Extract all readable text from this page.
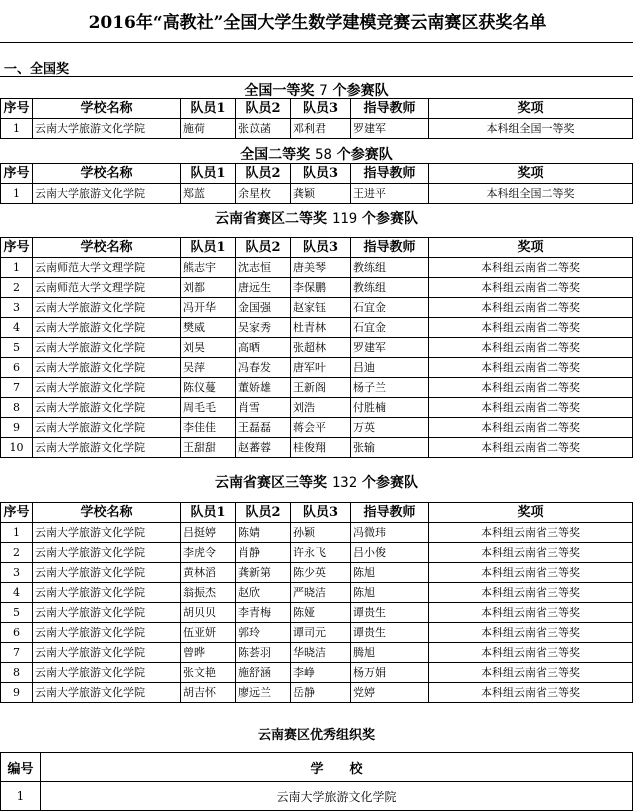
2016年“高教社”全国大学生数学建模竞赛云南赛区获奖名单
一、全国奖
全国一等奖 7 个参赛队
序号	学校名称	队员1	队员2	队员3	指导教师	奖项
1	云南大学旅游文化学院	施荷	张苡菡	邓利君	罗建军	本科组全国一等奖
全国二等奖 58 个参赛队
序号	学校名称	队员1	队员2	队员3	指导教师	奖项
1	云南大学旅游文化学院	郑蓝	余星枚	龚颖	王进平	本科组全国二等奖
云南省赛区二等奖 119 个参赛队
序号	学校名称	队员1	队员2	队员3	指导教师	奖项
1	云南师范大学文理学院	熊志宇	沈志恒	唐美琴	教练组	本科组云南省二等奖
2	云南师范大学文理学院	刘都	唐远生	李保鹏	教练组	本科组云南省二等奖
3	云南大学旅游文化学院	冯开华	金国强	赵家钰	石宜金	本科组云南省二等奖
4	云南大学旅游文化学院	樊威	吴家秀	杜青林	石宜金	本科组云南省二等奖
5	云南大学旅游文化学院	刘昊	高晒	张超林	罗建军	本科组云南省二等奖
6	云南大学旅游文化学院	吴萍	冯春发	唐军叶	吕迪	本科组云南省二等奖
7	云南大学旅游文化学院	陈仪蔓	董娇雄	王新阁	杨子兰	本科组云南省二等奖
8	云南大学旅游文化学院	周毛毛	肖雪	刘浩	付胜楠	本科组云南省二等奖
9	云南大学旅游文化学院	李佳佳	王磊磊	蒋会平	万英	本科组云南省二等奖
10	云南大学旅游文化学院	王甜甜	赵蕃蓉	桂俊翔	张输	本科组云南省二等奖
云南省赛区三等奖 132 个参赛队
序号	学校名称	队员1	队员2	队员3	指导教师	奖项
1	云南大学旅游文化学院	吕挺婷	陈婧	孙颖	冯微玮	本科组云南省三等奖
2	云南大学旅游文化学院	李虎令	肖静	许永飞	吕小俊	本科组云南省三等奖
3	云南大学旅游文化学院	黄林滔	龚新第	陈少英	陈旭	本科组云南省三等奖
4	云南大学旅游文化学院	翁振杰	赵欣	严晓洁	陈旭	本科组云南省三等奖
5	云南大学旅游文化学院	胡贝贝	李青梅	陈娅	谭贵生	本科组云南省三等奖
6	云南大学旅游文化学院	伍亚妍	郭玲	谭司元	谭贵生	本科组云南省三等奖
7	云南大学旅游文化学院	曾晔	陈荟羽	华晓洁	腾旭	本科组云南省三等奖
8	云南大学旅游文化学院	张文艳	施舒涵	李峥	杨万娟	本科组云南省三等奖
9	云南大学旅游文化学院	胡吉怀	廖远兰	岳静	党婷	本科组云南省三等奖
云南赛区优秀组织奖
编号	学　　校
1	云南大学旅游文化学院
